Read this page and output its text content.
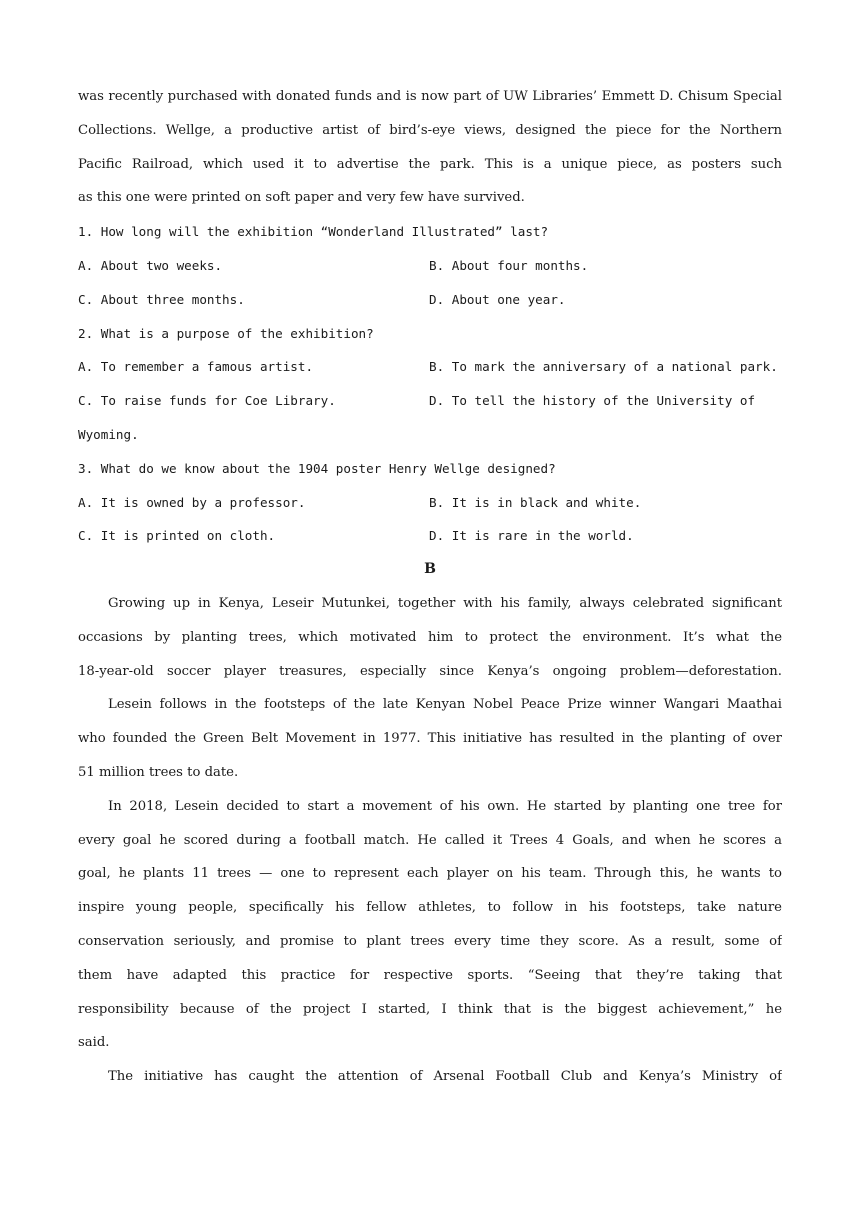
was recently purchased with donated funds and is now part of UW Libraries’ Emmett D. Chisum Special
Collections. Wellge, a productive artist of bird’s-eye views, designed the piece for the Northern
Pacific Railroad, which used it to advertise the park. This is a unique piece, as posters such
as this one were printed on soft paper and very few have survived.
1. How long will the exhibition “Wonderland Illustrated” last?
A. About two weeks.	B. About four months.
C. About three months.	D. About one year.
2. What is a purpose of the exhibition?
A. To remember a famous artist.	B. To mark the anniversary of a national park.
C. To raise funds for Coe Library.	D. To tell the history of the University of
Wyoming.
3. What do we know about the 1904 poster Henry Wellge designed?
A. It is owned by a professor.	B. It is in black and white.
C. It is printed on cloth.	D. It is rare in the world.
B
Growing up in Kenya, Leseir Mutunkei, together with his family, always celebrated significant
occasions by planting trees, which motivated him to protect the environment. It’s what the
18-year-old soccer player treasures, especially since Kenya’s ongoing problem—deforestation.
Lesein follows in the footsteps of the late Kenyan Nobel Peace Prize winner Wangari Maathai
who founded the Green Belt Movement in 1977. This initiative has resulted in the planting of over
51 million trees to date.
In 2018, Lesein decided to start a movement of his own. He started by planting one tree for
every goal he scored during a football match. He called it Trees 4 Goals, and when he scores a
goal, he plants 11 trees — one to represent each player on his team. Through this, he wants to
inspire young people, specifically his fellow athletes, to follow in his footsteps, take nature
conservation seriously, and promise to plant trees every time they score. As a result, some of
them have adapted this practice for respective sports. “Seeing that they’re taking that
responsibility because of the project I started, I think that is the biggest achievement,” he
said.
The initiative has caught the attention of Arsenal Football Club and Kenya’s Ministry of
